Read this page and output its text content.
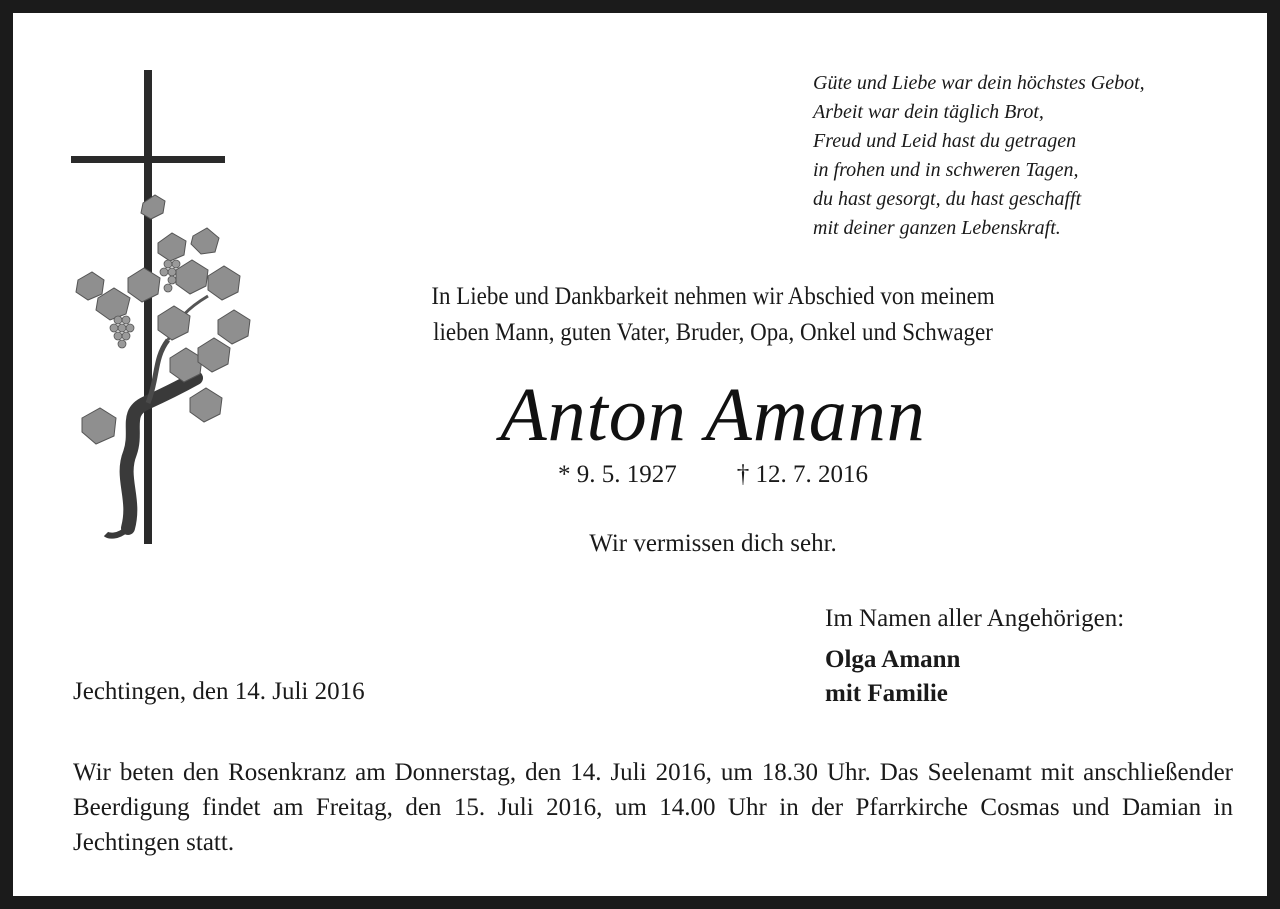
Güte und Liebe war dein höchstes Gebot,
Arbeit war dein täglich Brot,
Freud und Leid hast du getragen
in frohen und in schweren Tagen,
du hast gesorgt, du hast geschafft
mit deiner ganzen Lebenskraft.
In Liebe und Dankbarkeit nehmen wir Abschied von meinem
lieben Mann, guten Vater, Bruder, Opa, Onkel und Schwager
Anton Amann
* 9. 5. 1927 † 12. 7. 2016
Wir vermissen dich sehr.
Im Namen aller Angehörigen:
Olga Amann
mit Familie
Jechtingen, den 14. Juli 2016
Wir beten den Rosenkranz am Donnerstag, den 14. Juli 2016, um 18.30 Uhr. Das Seelenamt mit anschließender Beerdigung findet am Freitag, den 15. Juli 2016, um 14.00 Uhr in der Pfarrkirche Cosmas und Damian in Jechtingen statt.
